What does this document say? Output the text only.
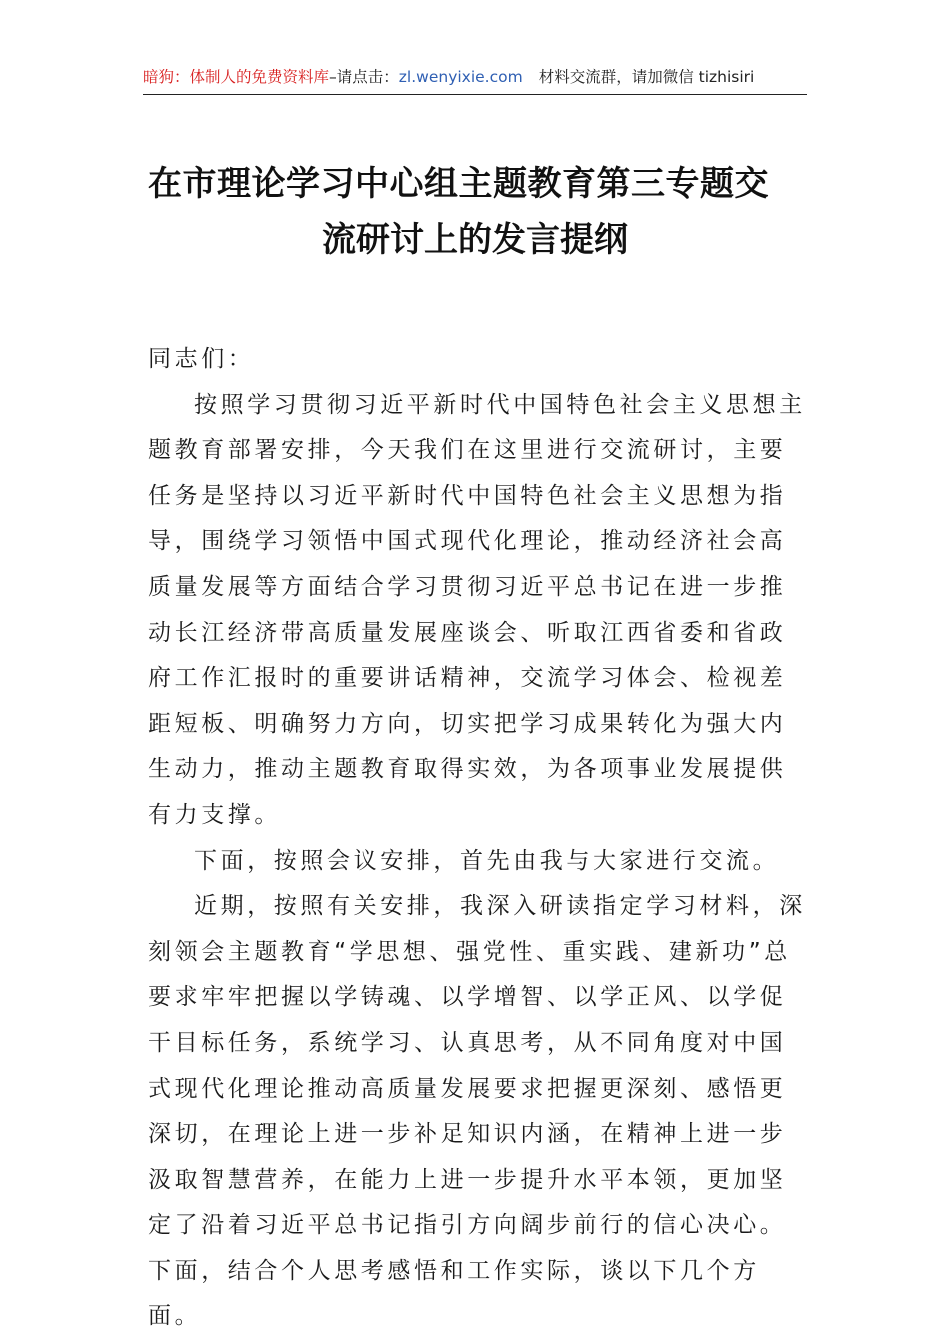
暗狗：体制人的免费资料库 –请点击： zl.wenyixie.com 材料交流群，请加微信 tizhisiri
在市理论学习中心组主题教育第三专题交
流研讨上的发言提纲

同志们：

按照学习贯彻习近平新时代中国特色社会主义思想主题教育部署安排，今天我们在这里进行交流研讨，主要任务是坚持以习近平新时代中国特色社会主义思想为指导，围绕学习领悟中国式现代化理论，推动经济社会高质量发展等方面结合学习贯彻习近平总书记在进一步推动长江经济带高质量发展座谈会、听取江西省委和省政府工作汇报时的重要讲话精神，交流学习体会、检视差距短板、明确努力方向，切实把学习成果转化为强大内生动力，推动主题教育取得实效，为各项事业发展提供有力支撑。

下面，按照会议安排，首先由我与大家进行交流。

近期，按照有关安排，我深入研读指定学习材料，深刻领会主题教育“学思想、强党性、重实践、建新功”总要求牢牢把握以学铸魂、以学增智、以学正风、以学促干目标任务，系统学习、认真思考，从不同角度对中国式现代化理论推动高质量发展要求把握更深刻、感悟更深切，在理论上进一步补足知识内涵，在精神上进一步汲取智慧营养，在能力上进一步提升水平本领，更加坚定了沿着习近平总书记指引方向阔步前行的信心决心。下面，结合个人思考感悟和工作实际，谈以下几个方面。
